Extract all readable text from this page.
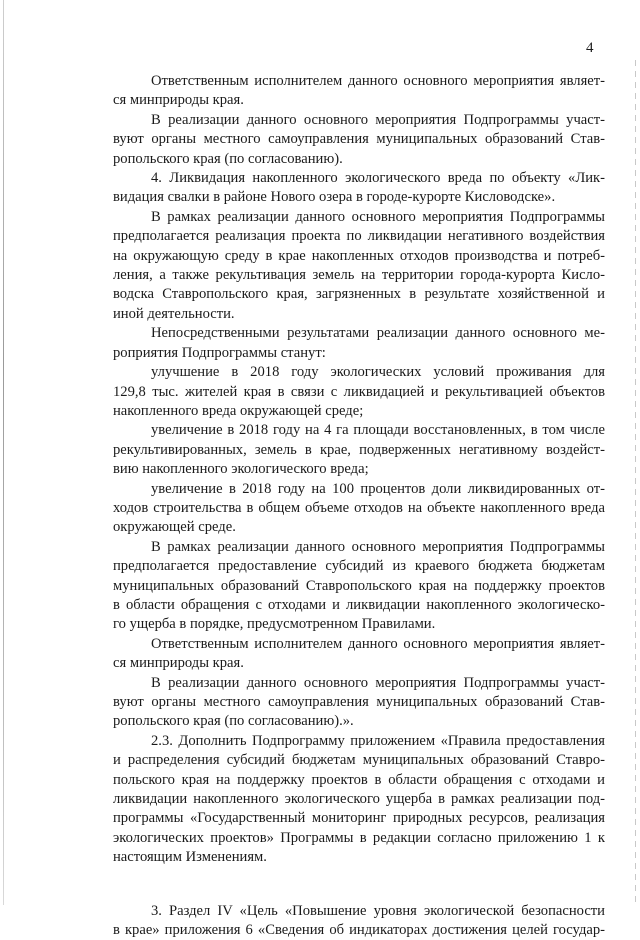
4

Ответственным исполнителем данного основного мероприятия являет-
ся минприроды края.

В реализации данного основного мероприятия Подпрограммы участ-
вуют органы местного самоуправления муниципальных образований Став-
ропольского края (по согласованию).

4. Ликвидация накопленного экологического вреда по объекту «Лик-
видация свалки в районе Нового озера в городе-курорте Кисловодске».

В рамках реализации данного основного мероприятия Подпрограммы
предполагается реализация проекта по ликвидации негативного воздействия
на окружающую среду в крае накопленных отходов производства и потреб-
ления, а также рекультивация земель на территории города-курорта Кисло-
водска Ставропольского края, загрязненных в результате хозяйственной и
иной деятельности.

Непосредственными результатами реализации данного основного ме-
роприятия Подпрограммы станут:

улучшение в 2018 году экологических условий проживания для
129,8 тыс. жителей края в связи с ликвидацией и рекультивацией объектов
накопленного вреда окружающей среде;

увеличение в 2018 году на 4 га площади восстановленных, в том числе
рекультивированных, земель в крае, подверженных негативному воздейст-
вию накопленного экологического вреда;

увеличение в 2018 году на 100 процентов доли ликвидированных от-
ходов строительства в общем объеме отходов на объекте накопленного вреда
окружающей среде.

В рамках реализации данного основного мероприятия Подпрограммы
предполагается предоставление субсидий из краевого бюджета бюджетам
муниципальных образований Ставропольского края на поддержку проектов
в области обращения с отходами и ликвидации накопленного экологическо-
го ущерба в порядке, предусмотренном Правилами.

Ответственным исполнителем данного основного мероприятия являет-
ся минприроды края.

В реализации данного основного мероприятия Подпрограммы участ-
вуют органы местного самоуправления муниципальных образований Став-
ропольского края (по согласованию).».

2.3. Дополнить Подпрограмму приложением «Правила предоставления
и распределения субсидий бюджетам муниципальных образований Ставро-
польского края на поддержку проектов в области обращения с отходами и
ликвидации накопленного экологического ущерба в рамках реализации под-
программы «Государственный мониторинг природных ресурсов, реализация
экологических проектов» Программы в редакции согласно приложению 1 к
настоящим Изменениям.

3. Раздел IV «Цель «Повышение уровня экологической безопасности
в крае» приложения 6 «Сведения об индикаторах достижения целей государ-
